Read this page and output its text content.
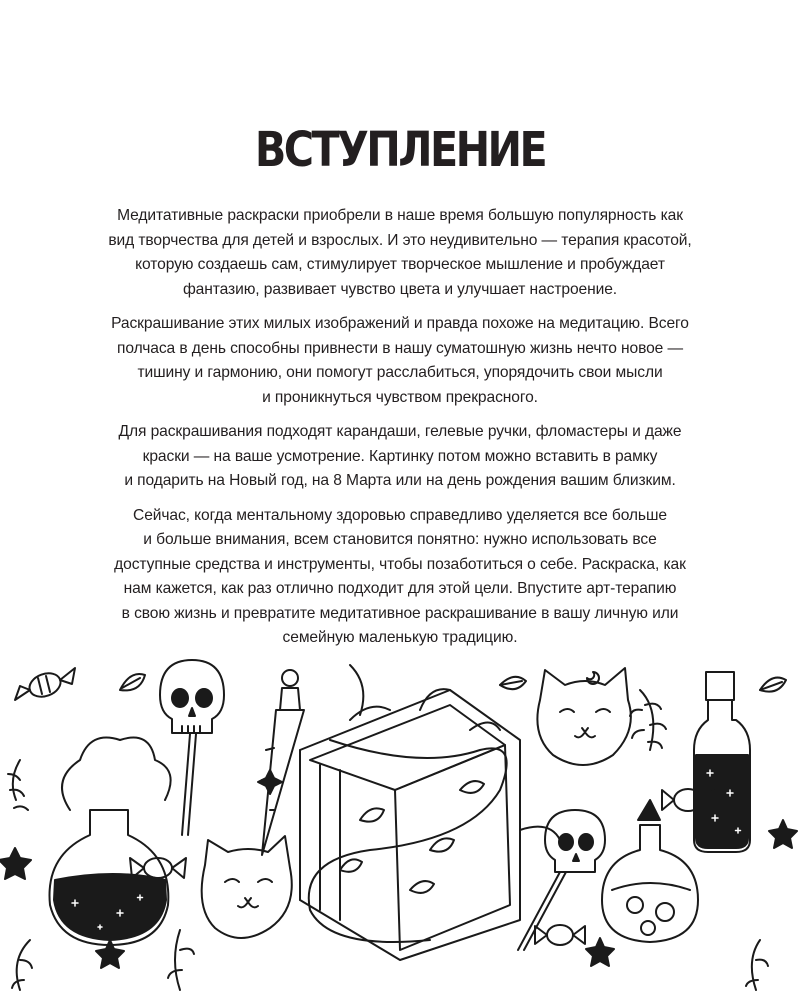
ВСТУПЛЕНИЕ

Медитативные раскраски приобрели в наше время большую популярность как
вид творчества для детей и взрослых. И это неудивительно — терапия красотой,
которую создаешь сам, стимулирует творческое мышление и пробуждает
фантазию, развивает чувство цвета и улучшает настроение.

Раскрашивание этих милых изображений и правда похоже на медитацию. Всего
полчаса в день способны привнести в нашу суматошную жизнь нечто новое —
тишину и гармонию, они помогут расслабиться, упорядочить свои мысли
и проникнуться чувством прекрасного.

Для раскрашивания подходят карандаши, гелевые ручки, фломастеры и даже
краски — на ваше усмотрение. Картинку потом можно вставить в рамку
и подарить на Новый год, на 8 Марта или на день рождения вашим близким.

Сейчас, когда ментальному здоровью справедливо уделяется все больше
и больше внимания, всем становится понятно: нужно использовать все
доступные средства и инструменты, чтобы позаботиться о себе. Раскраска, как
нам кажется, как раз отлично подходит для этой цели. Впустите арт-терапию
в свою жизнь и превратите медитативное раскрашивание в вашу личную или
семейную маленькую традицию.
